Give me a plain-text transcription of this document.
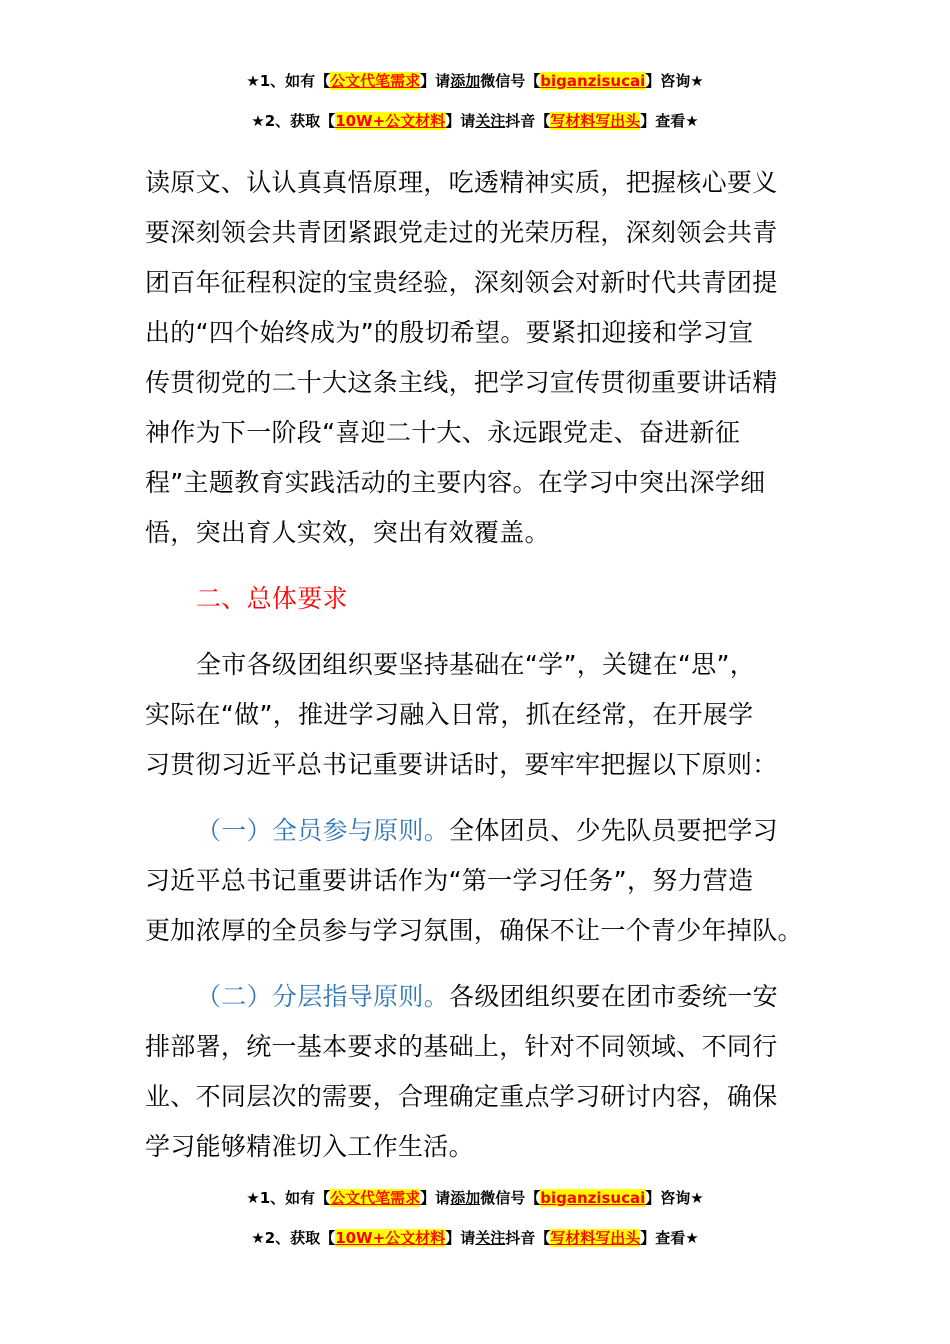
★1、如有【公文代笔需求】请添加微信号【biganzisucai】咨询★
★2、获取【10W+公文材料】请关注抖音【写材料写出头】查看★

读原文、认认真真悟原理，吃透精神实质，把握核心要义
要深刻领会共青团紧跟党走过的光荣历程，深刻领会共青
团百年征程积淀的宝贵经验，深刻领会对新时代共青团提
出的“四个始终成为”的殷切希望。要紧扣迎接和学习宣
传贯彻党的二十大这条主线，把学习宣传贯彻重要讲话精
神作为下一阶段“喜迎二十大、永远跟党走、奋进新征
程”主题教育实践活动的主要内容。在学习中突出深学细
悟，突出育人实效，突出有效覆盖。

二、总体要求

全市各级团组织要坚持基础在“学”，关键在“思”，
实际在“做”，推进学习融入日常，抓在经常，在开展学
习贯彻习近平总书记重要讲话时，要牢牢把握以下原则：

（一）全员参与原则。全体团员、少先队员要把学习
习近平总书记重要讲话作为“第一学习任务”，努力营造
更加浓厚的全员参与学习氛围，确保不让一个青少年掉队。

（二）分层指导原则。各级团组织要在团市委统一安
排部署，统一基本要求的基础上，针对不同领域、不同行
业、不同层次的需要，合理确定重点学习研讨内容，确保
学习能够精准切入工作生活。

★1、如有【公文代笔需求】请添加微信号【biganzisucai】咨询★
★2、获取【10W+公文材料】请关注抖音【写材料写出头】查看★
